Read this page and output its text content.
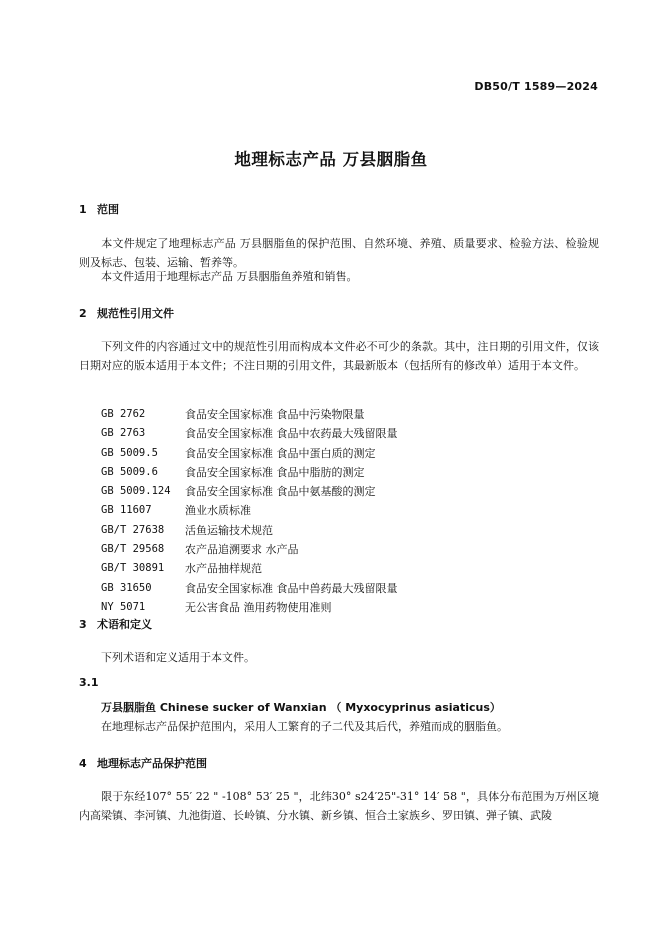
DB50/T 1589—2024
地理标志产品 万县胭脂鱼
1 范围
本文件规定了地理标志产品 万县胭脂鱼的保护范围、自然环境、养殖、质量要求、检验方法、检验规则及标志、包装、运输、暂养等。
本文件适用于地理标志产品 万县胭脂鱼养殖和销售。
2 规范性引用文件
下列文件的内容通过文中的规范性引用而构成本文件必不可少的条款。其中，注日期的引用文件，仅该日期对应的版本适用于本文件；不注日期的引用文件，其最新版本（包括所有的修改单）适用于本文件。
GB 2762	食品安全国家标准 食品中污染物限量
GB 2763	食品安全国家标准 食品中农药最大残留限量
GB 5009.5	食品安全国家标准 食品中蛋白质的测定
GB 5009.6	食品安全国家标准 食品中脂肪的测定
GB 5009.124	食品安全国家标准 食品中氨基酸的测定
GB 11607	渔业水质标准
GB/T 27638	活鱼运输技术规范
GB/T 29568	农产品追溯要求 水产品
GB/T 30891	水产品抽样规范
GB 31650	食品安全国家标准 食品中兽药最大残留限量
NY 5071	无公害食品 渔用药物使用准则
3 术语和定义
下列术语和定义适用于本文件。
3.1
万县胭脂鱼 Chinese sucker of Wanxian （ Myxocyprinus asiaticus）
在地理标志产品保护范围内，采用人工繁育的子二代及其后代，养殖而成的胭脂鱼。
4 地理标志产品保护范围
限于东经107° 55′ 22 " -108° 53′ 25 "，北纬30° s24′25"-31° 14′ 58 "，具体分布范围为万州区境内高梁镇、李河镇、九池街道、长岭镇、分水镇、新乡镇、恒合土家族乡、罗田镇、弹子镇、武陵
